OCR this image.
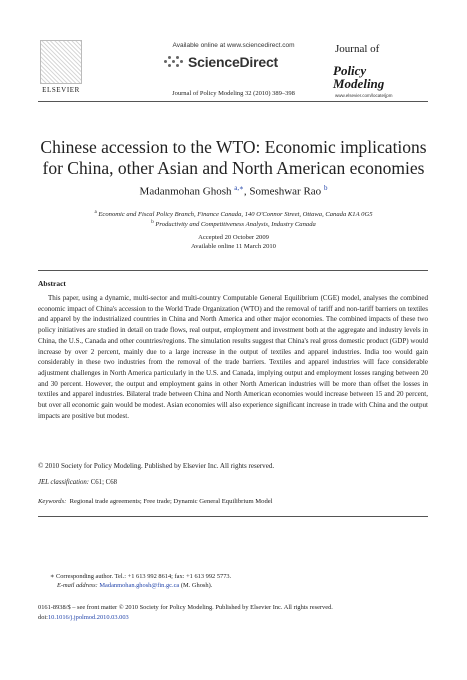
ELSEVIER
Available online at www.sciencedirect.com
ScienceDirect
Journal of Policy Modeling 32 (2010) 389–398
Journal of
Policy
Modeling
www.elsevier.com/locate/jpm
Chinese accession to the WTO: Economic implications
for China, other Asian and North American economies
Madanmohan Ghosh $^{a,∗}$, Someshwar Rao $^b$
$^a$ Economic and Fiscal Policy Branch, Finance Canada, 140 O'Connor Street, Ottawa, Canada K1A 0G5
$^b$ Productivity and Competitiveness Analysis, Industry Canada
Accepted 20 October 2009
Available online 11 March 2010
Abstract
This paper, using a dynamic, multi-sector and multi-country Computable General Equilibrium (CGE) model, analyses the combined economic impact of China's accession to the World Trade Organization (WTO) and the removal of tariff and non-tariff barriers on textiles and apparel by the industrialized countries in China and North America and other major economies. The combined impacts of these two policy initiatives are studied in detail on trade flows, real output, employment and investment both at the aggregate and industry levels in China, the U.S., Canada and other countries/regions. The simulation results suggest that China's real gross domestic product (GDP) would increase by over 2 percent, mainly due to a large increase in the output of textiles and apparel industries. India too would gain considerably in these two industries from the removal of the trade barriers. Textiles and apparel industries will face considerable adjustment challenges in North America particularly in the U.S. and Canada, implying output and employment losses ranging between 20 and 30 percent. However, the output and employment gains in other North American industries will be more than offset the losses in textiles and apparel industries. Bilateral trade between China and North American economies would increase between 15 and 20 percent, but over all economic gain would be modest. Asian economies will also experience significant increase in trade with China and the output impacts are positive but modest.
© 2010 Society for Policy Modeling. Published by Elsevier Inc. All rights reserved.
JEL classification: C61; C68
Keywords: Regional trade agreements; Free trade; Dynamic General Equilibrium Model
∗ Corresponding author. Tel.: +1 613 992 8614; fax: +1 613 992 5773.
E-mail address: Madanmohan.ghosh@fin.gc.ca (M. Ghosh).
0161-8938/$ – see front matter © 2010 Society for Policy Modeling. Published by Elsevier Inc. All rights reserved.
doi:10.1016/j.jpolmod.2010.03.003
